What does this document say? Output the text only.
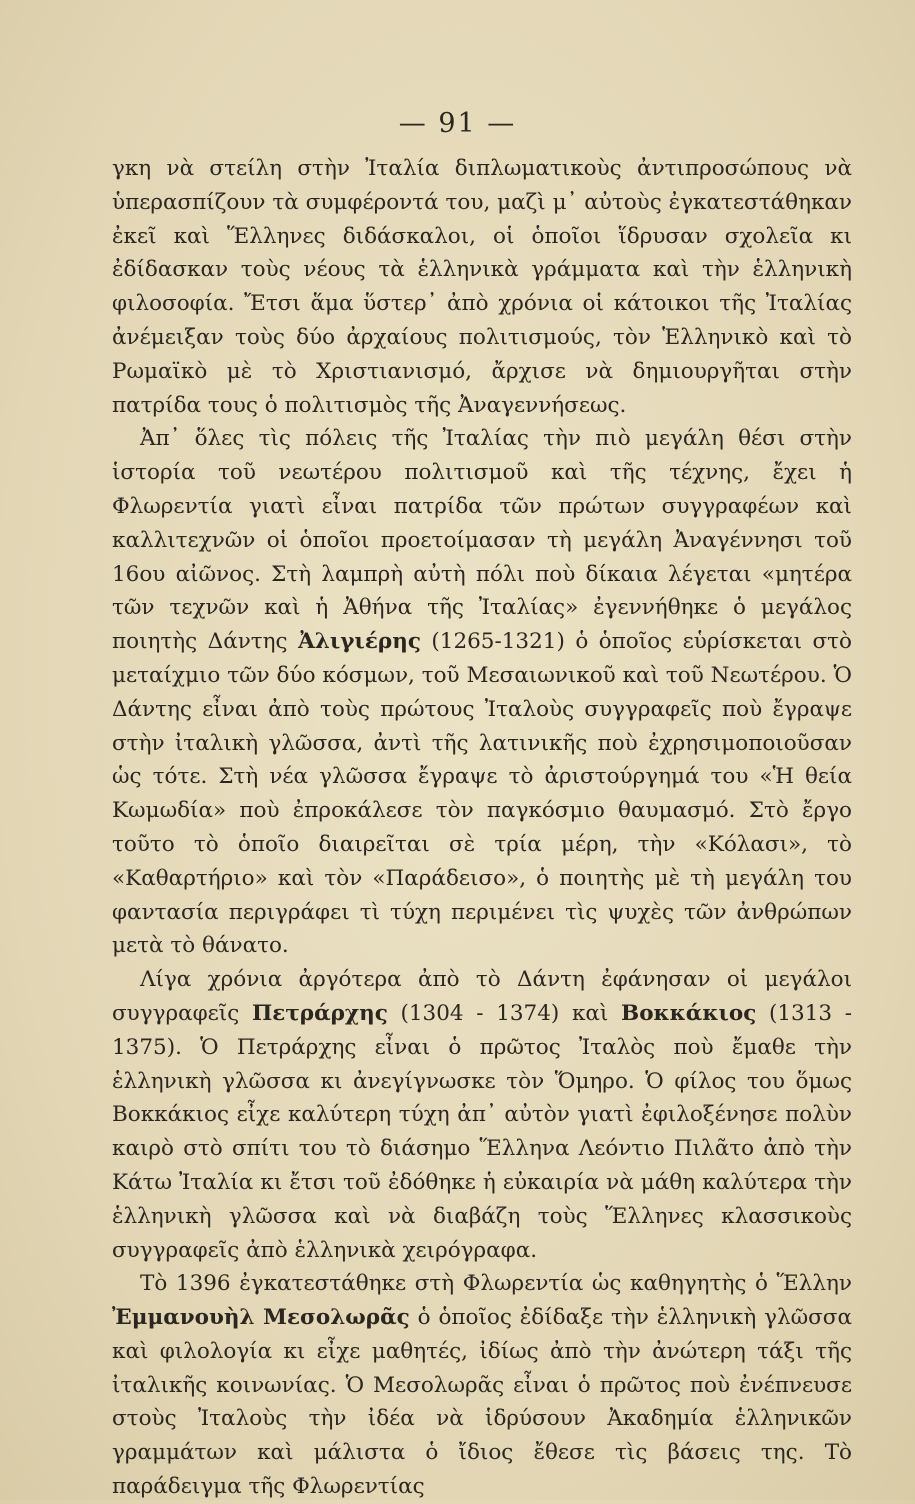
— 91 —

γκη νὰ στείλη στὴν Ἰταλία διπλωματικοὺς ἀντιπροσώπους νὰ ὑπερασπίζουν τὰ συμφέροντά του, μαζὶ μ᾿ αὐτοὺς ἐγκατεστάθηκαν ἐκεῖ καὶ Ἕλληνες διδάσκαλοι, οἱ ὁποῖοι ἵδρυσαν σχολεῖα κι ἐδίδασκαν τοὺς νέους τὰ ἑλληνικὰ γράμματα καὶ τὴν ἑλληνικὴ φιλοσοφία. Ἔτσι ἅμα ὕστερ᾿ ἀπὸ χρόνια οἱ κάτοικοι τῆς Ἰταλίας ἀνέμειξαν τοὺς δύο ἀρχαίους πολιτισμούς, τὸν Ἑλληνικὸ καὶ τὸ Ρωμαϊκὸ μὲ τὸ Χριστιανισμό, ἄρχισε νὰ δημιουργῆται στὴν πατρίδα τους ὁ πολιτισμὸς τῆς Ἀναγεννήσεως.

Ἀπ᾿ ὅλες τὶς πόλεις τῆς Ἰταλίας τὴν πιὸ μεγάλη θέσι στὴν ἱστορία τοῦ νεωτέρου πολιτισμοῦ καὶ τῆς τέχνης, ἔχει ἡ Φλωρεντία γιατὶ εἶναι πατρίδα τῶν πρώτων συγγραφέων καὶ καλλιτεχνῶν οἱ ὁποῖοι προετοίμασαν τὴ μεγάλη Ἀναγέννησι τοῦ 16ου αἰῶνος. Στὴ λαμπρὴ αὐτὴ πόλι ποὺ δίκαια λέγεται «μητέρα τῶν τεχνῶν καὶ ἡ Ἀθήνα τῆς Ἰταλίας» ἐγεννήθηκε ὁ μεγάλος ποιητὴς Δάντης Ἀλιγιέρης (1265-1321) ὁ ὁποῖος εὑρίσκεται στὸ μεταίχμιο τῶν δύο κόσμων, τοῦ Μεσαιωνικοῦ καὶ τοῦ Νεωτέρου. Ὁ Δάντης εἶναι ἀπὸ τοὺς πρώτους Ἰταλοὺς συγγραφεῖς ποὺ ἔγραψε στὴν ἰταλικὴ γλῶσσα, ἀντὶ τῆς λατινικῆς ποὺ ἐχρησιμοποιοῦσαν ὡς τότε. Στὴ νέα γλῶσσα ἔγραψε τὸ ἀριστούργημά του «Ἡ θεία Κωμωδία» ποὺ ἐπροκάλεσε τὸν παγκόσμιο θαυμασμό. Στὸ ἔργο τοῦτο τὸ ὁποῖο διαιρεῖται σὲ τρία μέρη, τὴν «Κόλασι», τὸ «Καθαρτήριο» καὶ τὸν «Παράδεισο», ὁ ποιητὴς μὲ τὴ μεγάλη του φαντασία περιγράφει τὶ τύχη περιμένει τὶς ψυχὲς τῶν ἀνθρώπων μετὰ τὸ θάνατο.

Λίγα χρόνια ἀργότερα ἀπὸ τὸ Δάντη ἐφάνησαν οἱ μεγάλοι συγγραφεῖς Πετράρχης (1304 - 1374) καὶ Βοκκάκιος (1313 - 1375). Ὁ Πετράρχης εἶναι ὁ πρῶτος Ἰταλὸς ποὺ ἔμαθε τὴν ἑλληνικὴ γλῶσσα κι ἀνεγίγνωσκε τὸν Ὅμηρο. Ὁ φίλος του ὅμως Βοκκάκιος εἶχε καλύτερη τύχη ἀπ᾿ αὐτὸν γιατὶ ἐφιλοξένησε πολὺν καιρὸ στὸ σπίτι του τὸ διάσημο Ἕλληνα Λεόντιο Πιλᾶτο ἀπὸ τὴν Κάτω Ἰταλία κι ἔτσι τοῦ ἐδόθηκε ἡ εὐκαιρία νὰ μάθη καλύτερα τὴν ἑλληνικὴ γλῶσσα καὶ νὰ διαβάζη τοὺς Ἕλληνες κλασσικοὺς συγγραφεῖς ἀπὸ ἑλληνικὰ χειρόγραφα.

Τὸ 1396 ἐγκατεστάθηκε στὴ Φλωρεντία ὡς καθηγητὴς ὁ Ἕλλην Ἐμμανουὴλ Μεσολωρᾶς ὁ ὁποῖος ἐδίδαξε τὴν ἑλληνικὴ γλῶσσα καὶ φιλολογία κι εἶχε μαθητές, ἰδίως ἀπὸ τὴν ἀνώτερη τάξι τῆς ἰταλικῆς κοινωνίας. Ὁ Μεσολωρᾶς εἶναι ὁ πρῶτος ποὺ ἐνέπνευσε στοὺς Ἰταλοὺς τὴν ἰδέα νὰ ἱδρύσουν Ἀκαδημία ἑλληνικῶν γραμμάτων καὶ μάλιστα ὁ ἴδιος ἔθεσε τὶς βάσεις της. Τὸ παράδειγμα τῆς Φλωρεντίας
